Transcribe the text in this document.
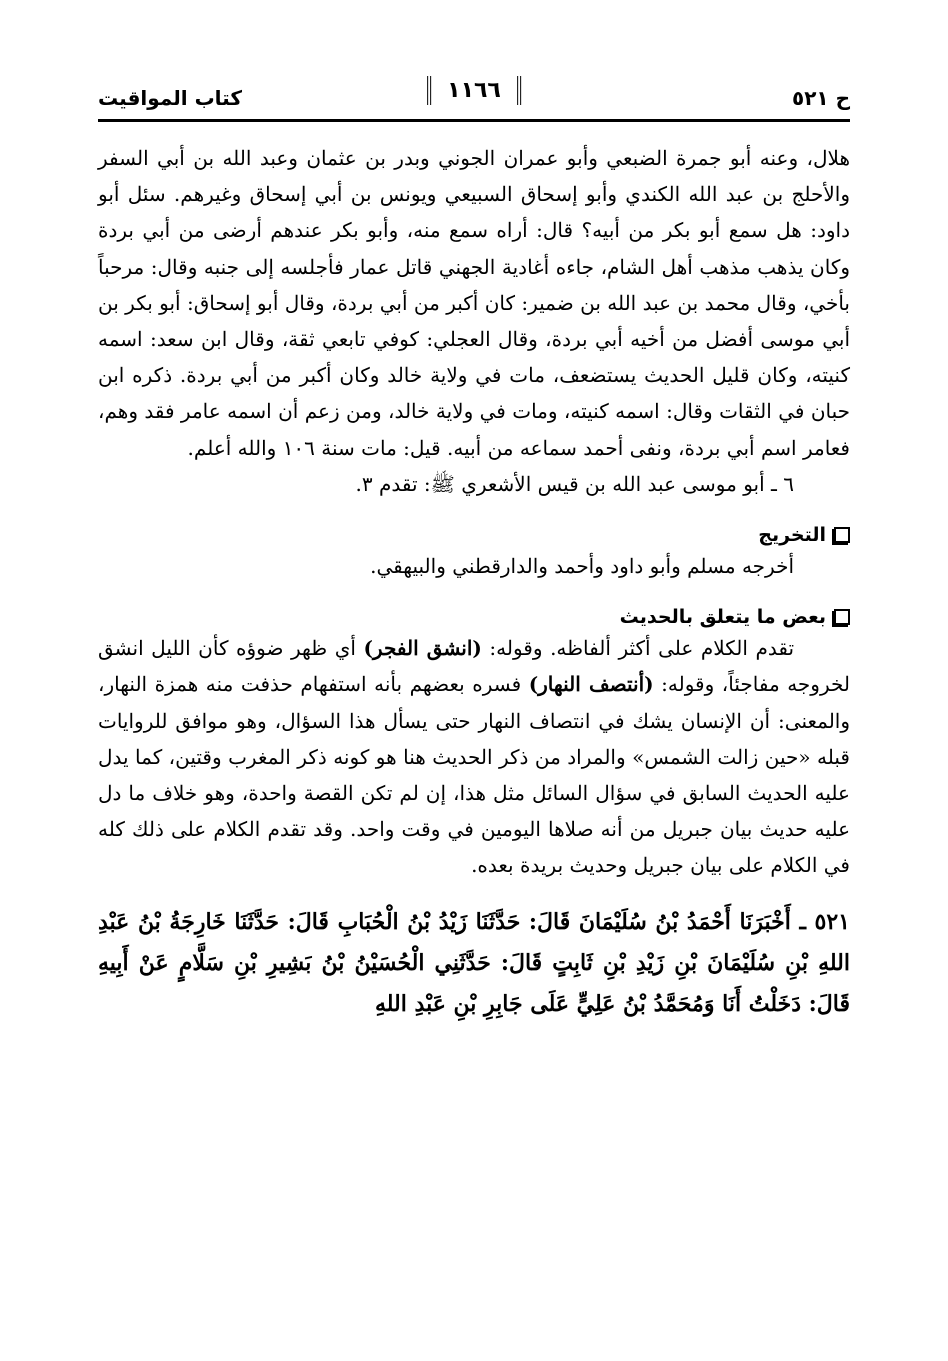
ح ٥٢١
١١٦٦
كتاب المواقيت

هلال، وعنه أبو جمرة الضبعي وأبو عمران الجوني وبدر بن عثمان وعبد الله بن أبي السفر والأحلج بن عبد الله الكندي وأبو إسحاق السبيعي ويونس بن أبي إسحاق وغيرهم. سئل أبو داود: هل سمع أبو بكر من أبيه؟ قال: أراه سمع منه، وأبو بكر عندهم أرضى من أبي بردة وكان يذهب مذهب أهل الشام، جاءه أغادية الجهني قاتل عمار فأجلسه إلى جنبه وقال: مرحباً بأخي، وقال محمد بن عبد الله بن ضمير: كان أكبر من أبي بردة، وقال أبو إسحاق: أبو بكر بن أبي موسى أفضل من أخيه أبي بردة، وقال العجلي: كوفي تابعي ثقة، وقال ابن سعد: اسمه كنيته، وكان قليل الحديث يستضعف، مات في ولاية خالد وكان أكبر من أبي بردة. ذكره ابن حبان في الثقات وقال: اسمه كنيته، ومات في ولاية خالد، ومن زعم أن اسمه عامر فقد وهم، فعامر اسم أبي بردة، ونفى أحمد سماعه من أبيه. قيل: مات سنة ١٠٦ والله أعلم.

٦ ـ أبو موسى عبد الله بن قيس الأشعري ﷺ: تقدم ٣.

التخريج

أخرجه مسلم وأبو داود وأحمد والدارقطني والبيهقي.

بعض ما يتعلق بالحديث

تقدم الكلام على أكثر ألفاظه. وقوله: (انشق الفجر) أي ظهر ضوؤه كأن الليل انشق لخروجه مفاجئاً، وقوله: (أنتصف النهار) فسره بعضهم بأنه استفهام حذفت منه همزة النهار، والمعنى: أن الإنسان يشك في انتصاف النهار حتى يسأل هذا السؤال، وهو موافق للروايات قبله «حين زالت الشمس» والمراد من ذكر الحديث هنا هو كونه ذكر المغرب وقتين، كما يدل عليه الحديث السابق في سؤال السائل مثل هذا، إن لم تكن القصة واحدة، وهو خلاف ما دل عليه حديث بيان جبريل من أنه صلاها اليومين في وقت واحد. وقد تقدم الكلام على ذلك كله في الكلام على بيان جبريل وحديث بريدة بعده.

٥٢١ ـ أَخْبَرَنَا أَحْمَدُ بْنُ سُلَيْمَانَ قَالَ: حَدَّثَنَا زَيْدُ بْنُ الْحُبَابِ قَالَ: حَدَّثَنَا خَارِجَةُ بْنُ عَبْدِ اللهِ بْنِ سُلَيْمَانَ بْنِ زَيْدِ بْنِ ثَابِتٍ قَالَ: حَدَّثَنِي الْحُسَيْنُ بْنُ بَشِيرِ بْنِ سَلَّامٍ عَنْ أَبِيهِ قَالَ: دَخَلْتُ أَنَا وَمُحَمَّدُ بْنُ عَلِيٍّ عَلَى جَابِرِ بْنِ عَبْدِ اللهِ
